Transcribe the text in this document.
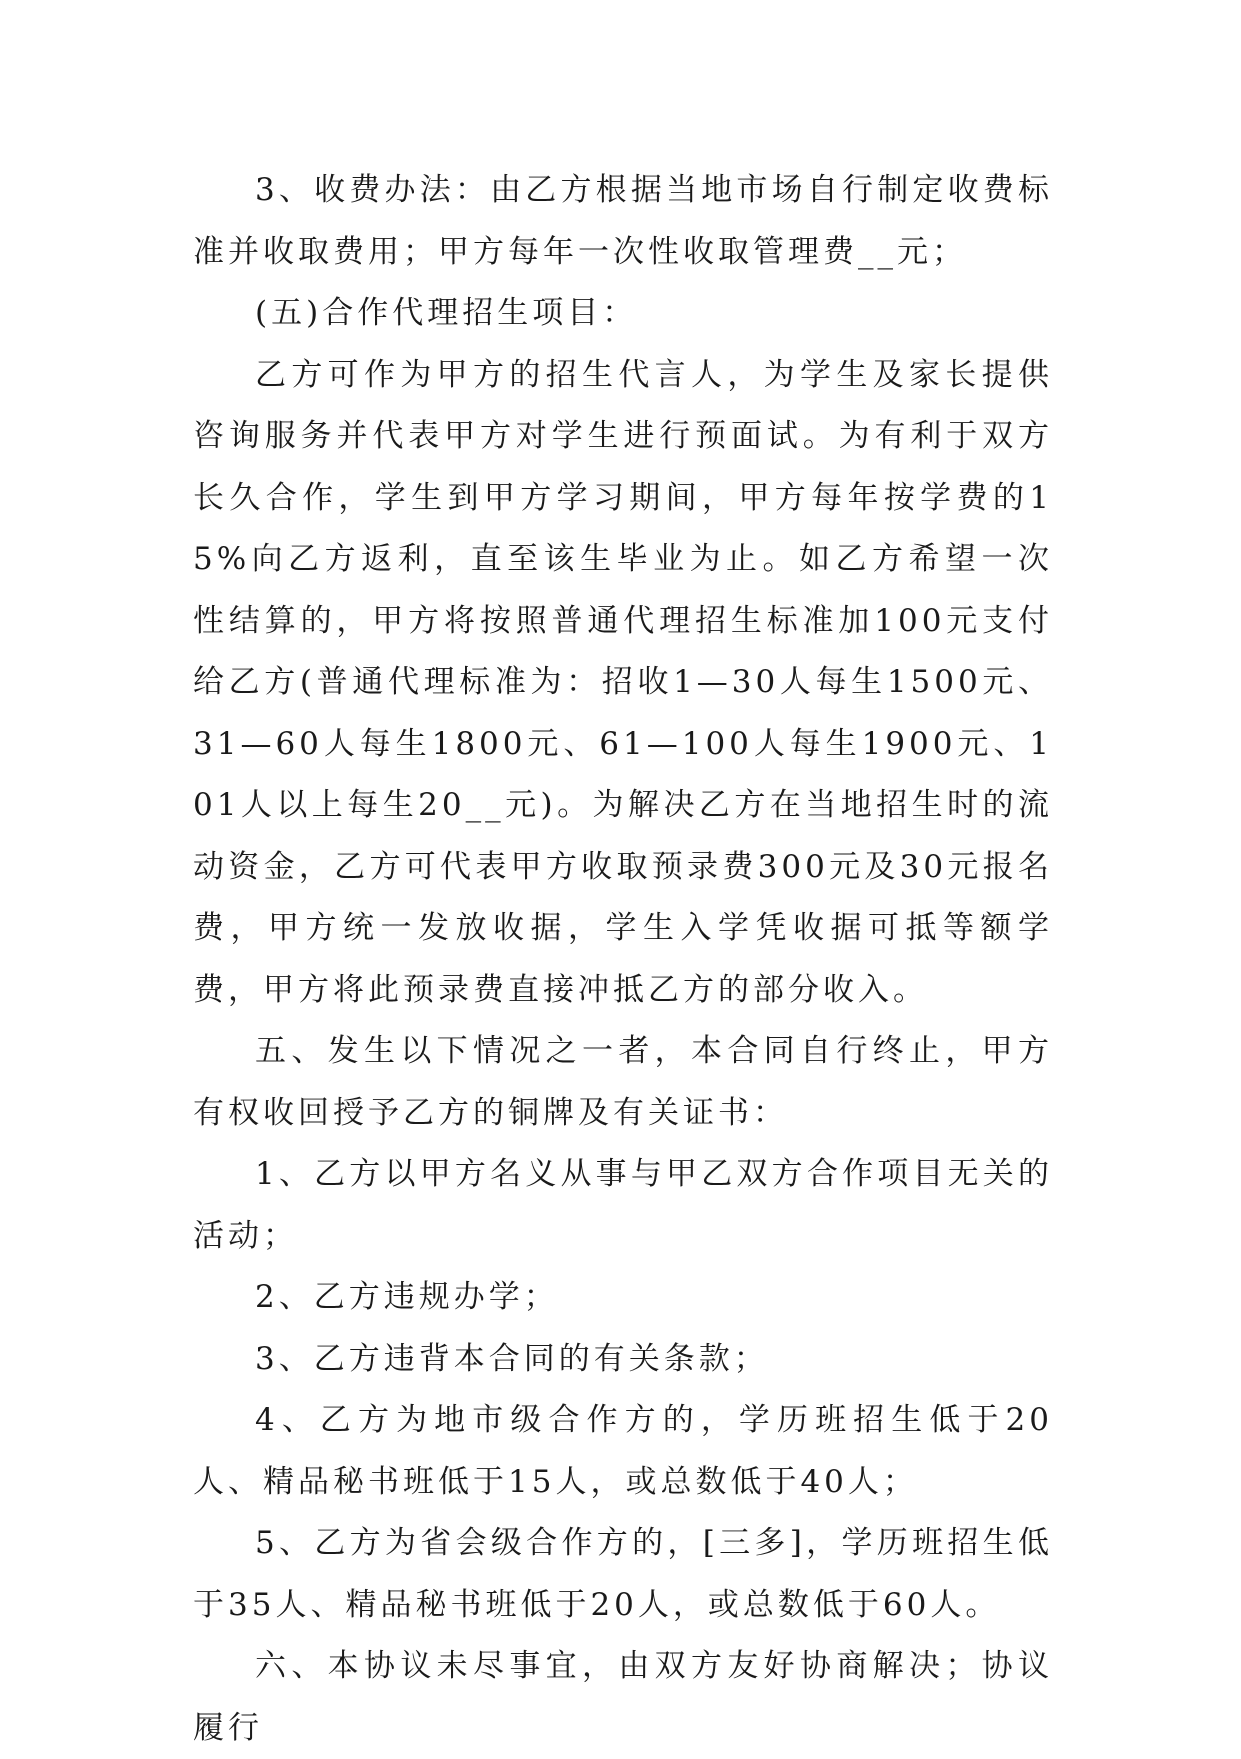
3、收费办法：由乙方根据当地市场自行制定收费标准并收取费用；甲方每年一次性收取管理费__元；

(五)合作代理招生项目：

乙方可作为甲方的招生代言人，为学生及家长提供咨询服务并代表甲方对学生进行预面试。为有利于双方长久合作，学生到甲方学习期间，甲方每年按学费的15%向乙方返利，直至该生毕业为止。如乙方希望一次性结算的，甲方将按照普通代理招生标准加100元支付给乙方(普通代理标准为：招收1—30人每生1500元、31—60人每生1800元、61—100人每生1900元、101人以上每生20__元)。为解决乙方在当地招生时的流动资金，乙方可代表甲方收取预录费300元及30元报名费，甲方统一发放收据，学生入学凭收据可抵等额学费，甲方将此预录费直接冲抵乙方的部分收入。

五、发生以下情况之一者，本合同自行终止，甲方有权收回授予乙方的铜牌及有关证书：

1、乙方以甲方名义从事与甲乙双方合作项目无关的活动；

2、乙方违规办学；

3、乙方违背本合同的有关条款；

4、乙方为地市级合作方的，学历班招生低于20人、精品秘书班低于15人，或总数低于40人；

5、乙方为省会级合作方的，[三多]，学历班招生低于35人、精品秘书班低于20人，或总数低于60人。

六、本协议未尽事宜，由双方友好协商解决；协议履行
